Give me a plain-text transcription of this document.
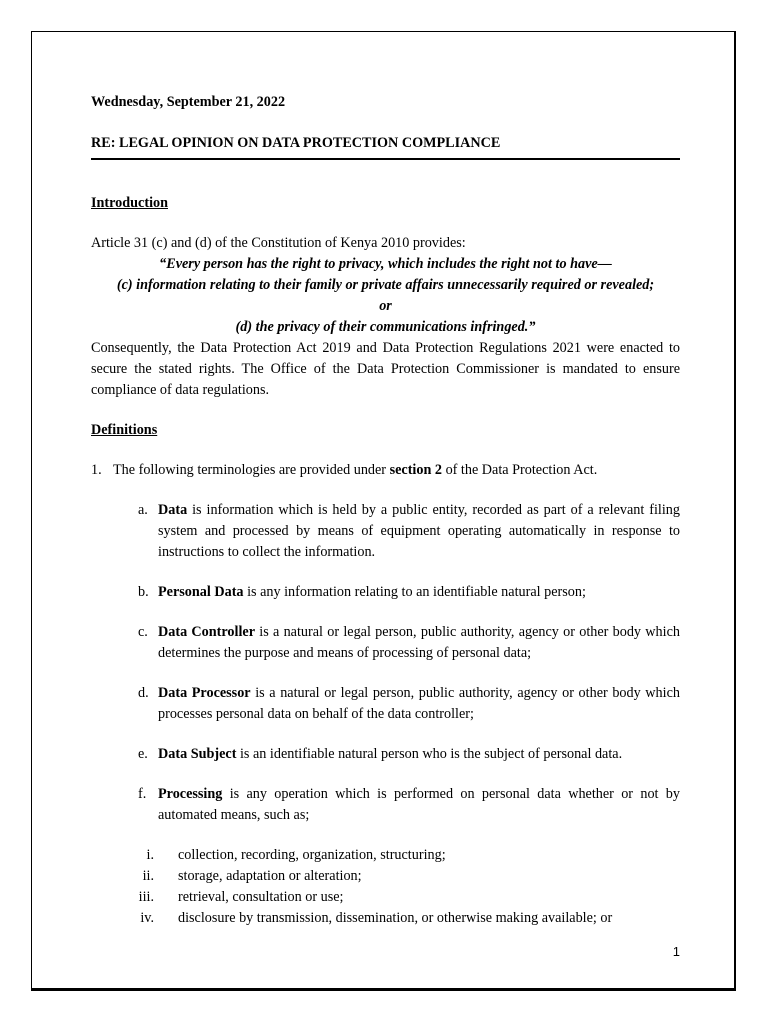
Wednesday, September 21, 2022

RE: LEGAL OPINION ON DATA PROTECTION COMPLIANCE

Introduction

Article 31 (c) and (d) of the Constitution of Kenya 2010 provides:

“Every person has the right to privacy, which includes the right not to have—

(c) information relating to their family or private affairs unnecessarily required or revealed;

or

(d) the privacy of their communications infringed.”

Consequently, the Data Protection Act 2019 and Data Protection Regulations 2021 were enacted to secure the stated rights. The Office of the Data Protection Commissioner is mandated to ensure compliance of data regulations.

Definitions

1. The following terminologies are provided under section 2 of the Data Protection Act.
a. Data is information which is held by a public entity, recorded as part of a relevant filing system and processed by means of equipment operating automatically in response to instructions to collect the information.
b. Personal Data is any information relating to an identifiable natural person;
c. Data Controller is a natural or legal person, public authority, agency or other body which determines the purpose and means of processing of personal data;
d. Data Processor is a natural or legal person, public authority, agency or other body which processes personal data on behalf of the data controller;
e. Data Subject is an identifiable natural person who is the subject of personal data.
f. Processing is any operation which is performed on personal data whether or not by automated means, such as;
i.	collection, recording, organization, structuring;
ii.	storage, adaptation or alteration;
iii.	retrieval, consultation or use;
iv.	disclosure by transmission, dissemination, or otherwise making available; or
1
